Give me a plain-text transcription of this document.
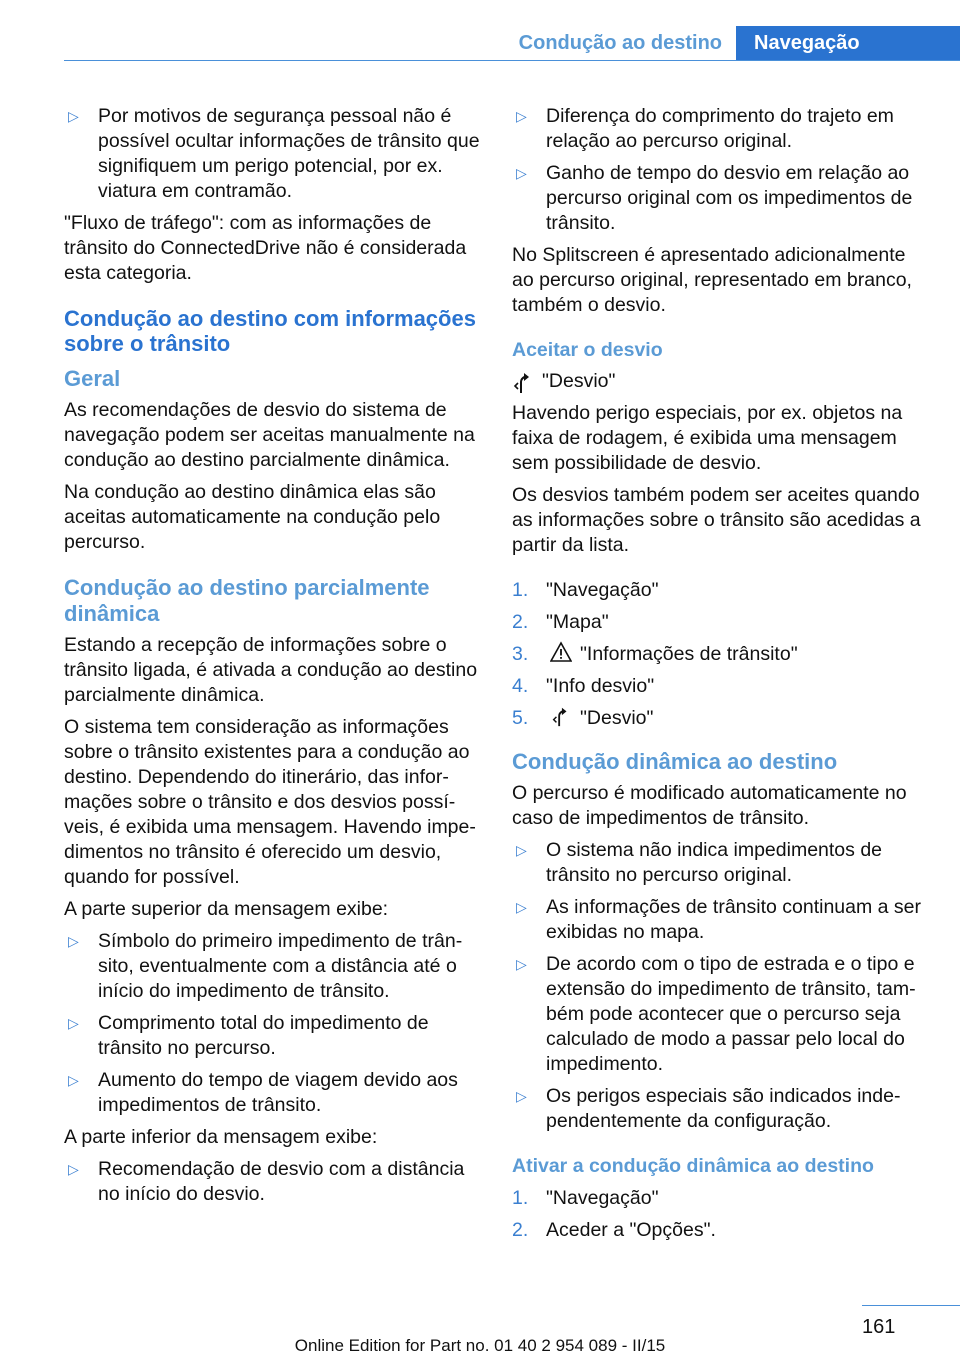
Condução ao destino	Navegação
▷ Por motivos de segurança pessoal não é possível ocultar informações de trânsito que signifiquem um perigo potencial, por ex. viatura em contramão.

"Fluxo de tráfego": com as informações de trânsito do ConnectedDrive não é considerada esta categoria.

Condução ao destino com informações sobre o trânsito
Geral

As recomendações de desvio do sistema de navegação podem ser aceitas manualmente na condução ao destino parcialmente dinâmica.

Na condução ao destino dinâmica elas são aceitas automaticamente na condução pelo percurso.

Condução ao destino parcialmente dinâmica

Estando a recepção de informações sobre o trânsito ligada, é ativada a condução ao destino parcialmente dinâmica.

O sistema tem consideração as informações sobre o trânsito existentes para a condução ao destino. Dependendo do itinerário, das informações sobre o trânsito e dos desvios possíveis, é exibida uma mensagem. Havendo impedimentos no trânsito é oferecido um desvio, quando for possível.

A parte superior da mensagem exibe:

▷ Símbolo do primeiro impedimento de trânsito, eventualmente com a distância até o início do impedimento de trânsito.
▷ Comprimento total do impedimento de trânsito no percurso.
▷ Aumento do tempo de viagem devido aos impedimentos de trânsito.

A parte inferior da mensagem exibe:

▷ Recomendação de desvio com a distância no início do desvio.
▷ Diferença do comprimento do trajeto em relação ao percurso original.
▷ Ganho de tempo do desvio em relação ao percurso original com os impedimentos de trânsito.

No Splitscreen é apresentado adicionalmente ao percurso original, representado em branco, também o desvio.

Aceitar o desvio
"Desvio"

Havendo perigo especiais, por ex. objetos na faixa de rodagem, é exibida uma mensagem sem possibilidade de desvio.

Os desvios também podem ser aceites quando as informações sobre o trânsito são acedidas a partir da lista.

1. "Navegação"
2. "Mapa"
3.	"Informações de trânsito"
4. "Info desvio"
5.	"Desvio"
Condução dinâmica ao destino

O percurso é modificado automaticamente no caso de impedimentos de trânsito.

▷ O sistema não indica impedimentos de trânsito no percurso original.
▷ As informações de trânsito continuam a ser exibidas no mapa.
▷ De acordo com o tipo de estrada e o tipo e extensão do impedimento de trânsito, também pode acontecer que o percurso seja calculado de modo a passar pelo local do impedimento.
▷ Os perigos especiais são indicados independentemente da configuração.
Ativar a condução dinâmica ao destino
1. "Navegação"
2. Aceder a "Opções".
161
Online Edition for Part no. 01 40 2 954 089 - II/15
